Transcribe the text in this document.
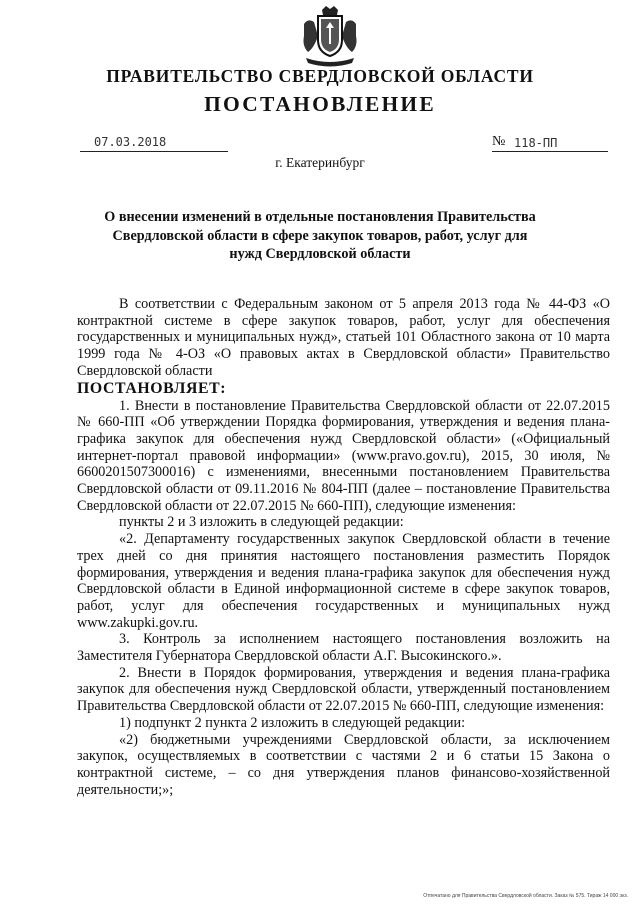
ПРАВИТЕЛЬСТВО СВЕРДЛОВСКОЙ ОБЛАСТИ
ПОСТАНОВЛЕНИЕ
07.03.2018	№ 118-ПП
г. Екатеринбург
О внесении изменений в отдельные постановления Правительства Свердловской области в сфере закупок товаров, работ, услуг для нужд Свердловской области

В соответствии с Федеральным законом от 5 апреля 2013 года № 44-ФЗ «О контрактной системе в сфере закупок товаров, работ, услуг для обеспечения государственных и муниципальных нужд», статьей 101 Областного закона от 10 марта 1999 года № 4-ОЗ «О правовых актах в Свердловской области» Правительство Свердловской области

ПОСТАНОВЛЯЕТ:

1. Внести в постановление Правительства Свердловской области от 22.07.2015 № 660-ПП «Об утверждении Порядка формирования, утверждения и ведения плана-графика закупок для обеспечения нужд Свердловской области» («Официальный интернет-портал правовой информации» (www.pravo.gov.ru), 2015, 30 июля, № 6600201507300016) с изменениями, внесенными постановлением Правительства Свердловской области от 09.11.2016 № 804-ПП (далее – постановление Правительства Свердловской области от 22.07.2015 № 660-ПП), следующие изменения:

пункты 2 и 3 изложить в следующей редакции:

«2. Департаменту государственных закупок Свердловской области в течение трех дней со дня принятия настоящего постановления разместить Порядок формирования, утверждения и ведения плана-графика закупок для обеспечения нужд Свердловской области в Единой информационной системе в сфере закупок товаров, работ, услуг для обеспечения государственных и муниципальных нужд www.zakupki.gov.ru.

3. Контроль за исполнением настоящего постановления возложить на Заместителя Губернатора Свердловской области А.Г. Высокинского.».

2. Внести в Порядок формирования, утверждения и ведения плана-графика закупок для обеспечения нужд Свердловской области, утвержденный постановлением Правительства Свердловской области от 22.07.2015 № 660-ПП, следующие изменения:

1) подпункт 2 пункта 2 изложить в следующей редакции:

«2) бюджетными учреждениями Свердловской области, за исключением закупок, осуществляемых в соответствии с частями 2 и 6 статьи 15 Закона о контрактной системе, – со дня утверждения планов финансово-хозяйственной деятельности;»;

Отпечатано для Правительства Свердловской области. Заказ № 575. Тираж 14 000 экз.
